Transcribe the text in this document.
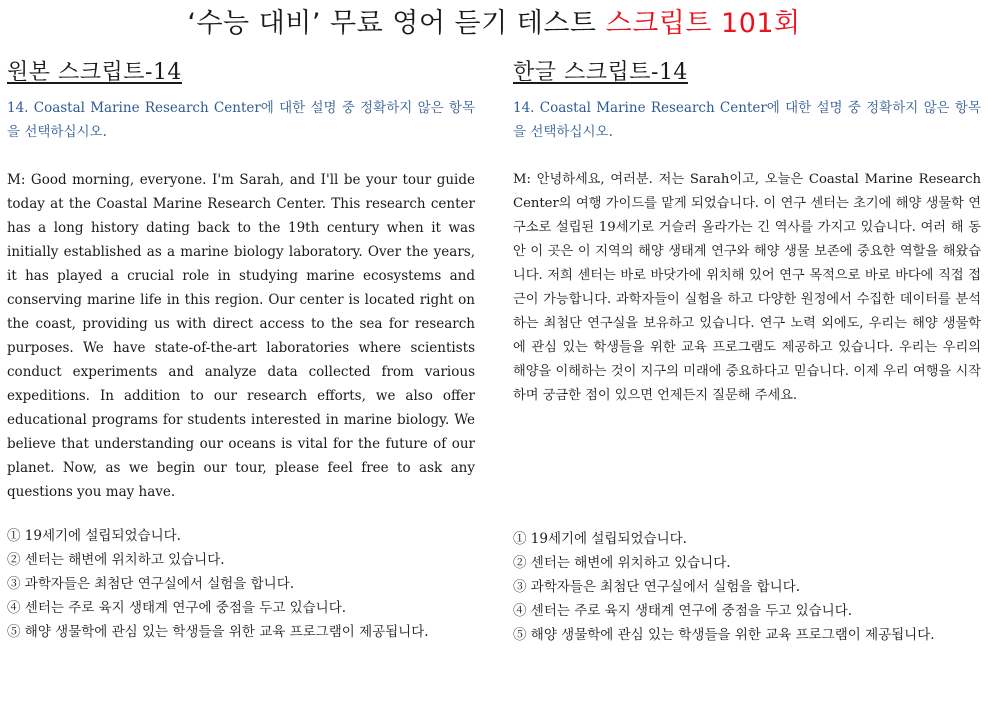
‘수능 대비’ 무료 영어 듣기 테스트 스크립트 101회
원본 스크립트-14

14. Coastal Marine Research Center에 대한 설명 중 정확하지 않은 항목을 선택하십시오.

M: Good morning, everyone. I'm Sarah, and I'll be your tour guide today at the Coastal Marine Research Center. This research center has a long history dating back to the 19th century when it was initially established as a marine biology laboratory. Over the years, it has played a crucial role in studying marine ecosystems and conserving marine life in this region. Our center is located right on the coast, providing us with direct access to the sea for research purposes. We have state-of-the-art laboratories where scientists conduct experiments and analyze data collected from various expeditions. In addition to our research efforts, we also offer educational programs for students interested in marine biology. We believe that understanding our oceans is vital for the future of our planet. Now, as we begin our tour, please feel free to ask any questions you may have.

① 19세기에 설립되었습니다.
② 센터는 해변에 위치하고 있습니다.
③ 과학자들은 최첨단 연구실에서 실험을 합니다.
④ 센터는 주로 육지 생태계 연구에 중점을 두고 있습니다.
⑤ 해양 생물학에 관심 있는 학생들을 위한 교육 프로그램이 제공됩니다.
한글 스크립트-14

14. Coastal Marine Research Center에 대한 설명 중 정확하지 않은 항목을 선택하십시오.

M: 안녕하세요, 여러분. 저는 Sarah이고, 오늘은 Coastal Marine Research Center의 여행 가이드를 맡게 되었습니다. 이 연구 센터는 초기에 해양 생물학 연구소로 설립된 19세기로 거슬러 올라가는 긴 역사를 가지고 있습니다. 여러 해 동안 이 곳은 이 지역의 해양 생태계 연구와 해양 생물 보존에 중요한 역할을 해왔습니다. 저희 센터는 바로 바닷가에 위치해 있어 연구 목적으로 바로 바다에 직접 접근이 가능합니다. 과학자들이 실험을 하고 다양한 원정에서 수집한 데이터를 분석하는 최첨단 연구실을 보유하고 있습니다. 연구 노력 외에도, 우리는 해양 생물학에 관심 있는 학생들을 위한 교육 프로그램도 제공하고 있습니다. 우리는 우리의 해양을 이해하는 것이 지구의 미래에 중요하다고 믿습니다. 이제 우리 여행을 시작하며 궁금한 점이 있으면 언제든지 질문해 주세요.

① 19세기에 설립되었습니다.
② 센터는 해변에 위치하고 있습니다.
③ 과학자들은 최첨단 연구실에서 실험을 합니다.
④ 센터는 주로 육지 생태계 연구에 중점을 두고 있습니다.
⑤ 해양 생물학에 관심 있는 학생들을 위한 교육 프로그램이 제공됩니다.
